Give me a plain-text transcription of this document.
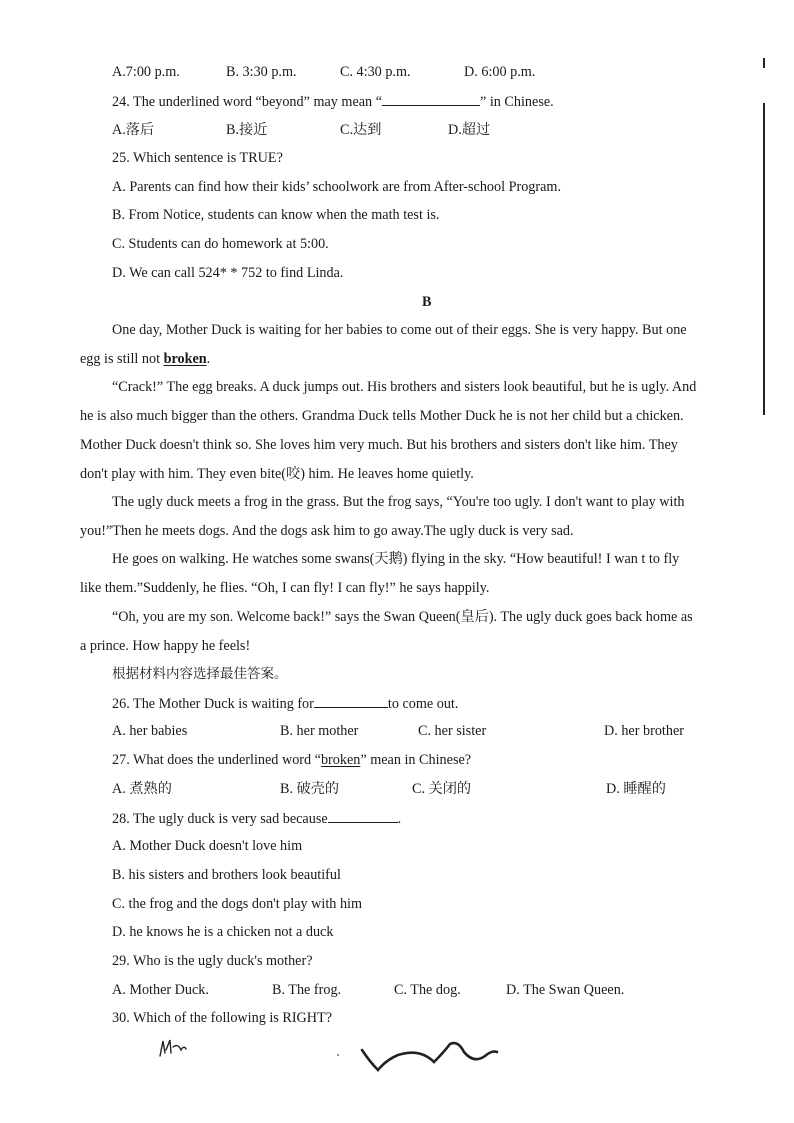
A.7:00 p.m.	B. 3:30 p.m.	C. 4:30 p.m.	D. 6:00 p.m.
24. The underlined word “beyond” may mean “	” in Chinese.
A.落后	B.接近	C.达到	D.超过
25. Which sentence is TRUE?
A. Parents can find how their kids’ schoolwork are from After-school Program.
B. From Notice, students can know when the math test is.
C. Students can do homework at 5:00.
D. We can call 524* * 752 to find Linda.
B
One day, Mother Duck is waiting for her babies to come out of their eggs. She is very happy. But one
egg is still not broken.
“Crack!” The egg breaks. A duck jumps out. His brothers and sisters look beautiful, but he is ugly. And
he is also much bigger than the others. Grandma Duck tells Mother Duck he is not her child but a chicken.
Mother Duck doesn't think so. She loves him very much. But his brothers and sisters don't like him. They
don't play with him. They even bite(咬) him. He leaves home quietly.
The ugly duck meets a frog in the grass. But the frog says, “You're too ugly. I don't want to play with
you!”Then he meets dogs. And the dogs ask him to go away.The ugly duck is very sad.
He goes on walking. He watches some swans(天鹅) flying in the sky. “How beautiful! I wan t to fly
like them.”Suddenly, he flies. “Oh, I can fly! I can fly!” he says happily.
“Oh, you are my son. Welcome back!” says the Swan Queen(皇后). The ugly duck goes back home as
a prince. How happy he feels!
根据材料内容选择最佳答案。
26. The Mother Duck is waiting for	to come out.
A. her babies	B. her mother	C. her sister	D. her brother
27. What does the underlined word “broken” mean in Chinese?
A. 煮熟的	B. 破壳的	C. 关闭的	D. 睡醒的
28. The ugly duck is very sad because	.
A. Mother Duck doesn't love him
B. his sisters and brothers look beautiful
C. the frog and the dogs don't play with him
D. he knows he is a chicken not a duck
29. Who is the ugly duck's mother?
A. Mother Duck.	B. The frog.	C. The dog.	D. The Swan Queen.
30. Which of the following is RIGHT?
